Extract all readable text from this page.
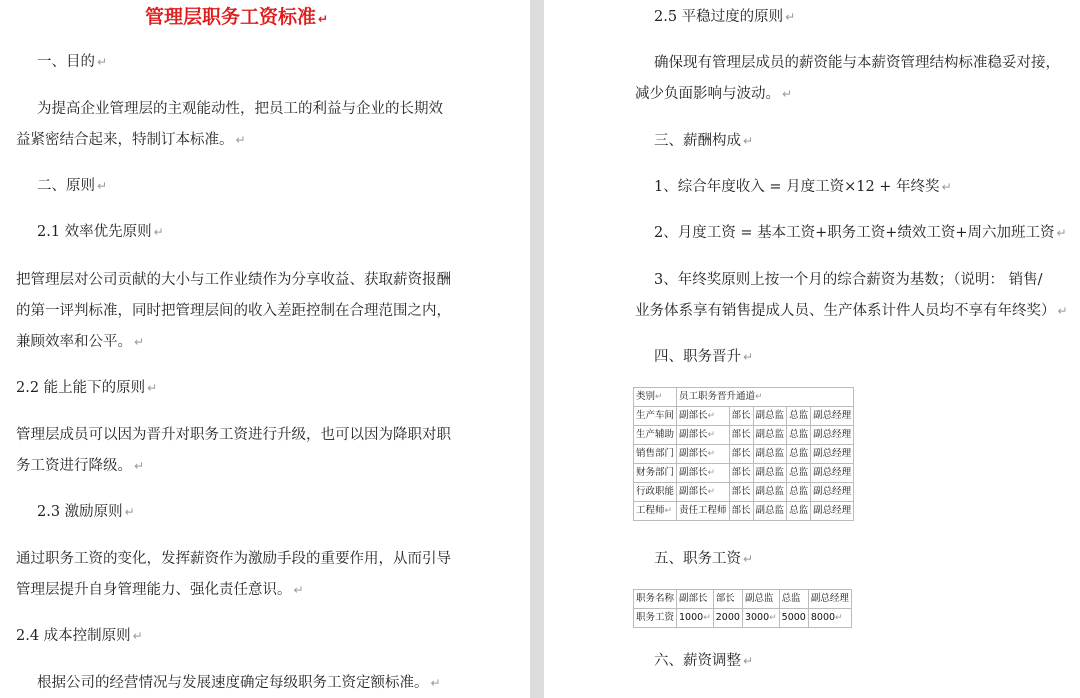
管理层职务工资标准 ↵
一、目的 ↵
为提高企业管理层的主观能动性，把员工的利益与企业的长期效
益紧密结合起来，特制订本标准。 ↵
二、原则 ↵
2.1 效率优先原则 ↵
把管理层对公司贡献的大小与工作业绩作为分享收益、获取薪资报酬
的第一评判标准，同时把管理层间的收入差距控制在合理范围之内，
兼顾效率和公平。 ↵
2.2 能上能下的原则 ↵
管理层成员可以因为晋升对职务工资进行升级，也可以因为降职对职
务工资进行降级。 ↵
2.3 激励原则 ↵
通过职务工资的变化，发挥薪资作为激励手段的重要作用，从而引导
管理层提升自身管理能力、强化责任意识。 ↵
2.4 成本控制原则 ↵
根据公司的经营情况与发展速度确定每级职务工资定额标准。 ↵
2.5 平稳过度的原则 ↵
确保现有管理层成员的薪资能与本薪资管理结构标准稳妥对接，
减少负面影响与波动。 ↵
三、薪酬构成 ↵
1、综合年度收入 = 月度工资×12 + 年终奖 ↵
2、月度工资 = 基本工资+职务工资+绩效工资+周六加班工资 ↵
3、年终奖原则上按一个月的综合薪资为基数；（说明： 销售/
业务体系享有销售提成人员、生产体系计件人员均不享有年终奖） ↵
四、职务晋升 ↵
类别↵	员工职务晋升通道↵				
生产车间	副部长↵	部长	副总监	总监	副总经理
生产辅助	副部长↵	部长	副总监	总监	副总经理
销售部门	副部长↵	部长	副总监	总监	副总经理
财务部门	副部长↵	部长	副总监	总监	副总经理
行政职能	副部长↵	部长	副总监	总监	副总经理
工程师↵	责任工程师	部长	副总监	总监	副总经理
五、职务工资 ↵
职务名称	副部长	部长	副总监	总监	副总经理
职务工资	1000↵	2000	3000↵	5000	8000↵
六、薪资调整 ↵
